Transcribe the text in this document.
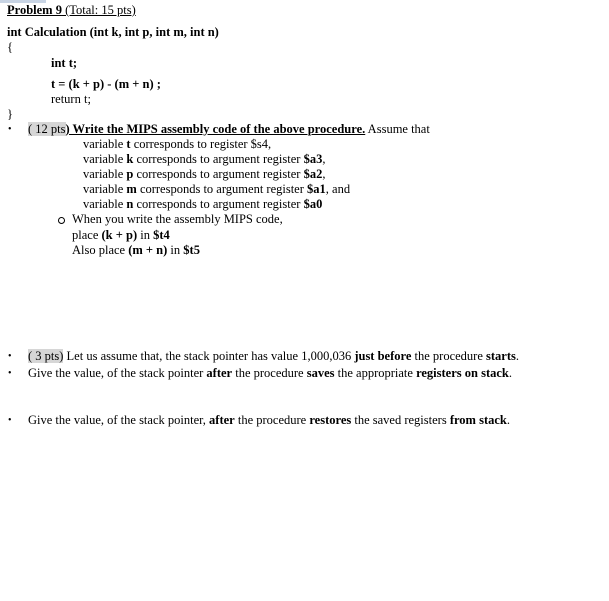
Problem 9 (Total: 15 pts)
int Calculation (int k, int p, int m, int n)
{
int t;
t = (k + p) - (m + n) ;
return t;
}
• ( 12 pts) Write the MIPS assembly code of the above procedure. Assume that
variable t corresponds to register $s4,
variable k corresponds to argument register $a3,
variable p corresponds to argument register $a2,
variable m corresponds to argument register $a1, and
variable n corresponds to argument register $a0
When you write the assembly MIPS code,
place (k + p) in $t4
Also place (m + n) in $t5
• ( 3 pts) Let us assume that, the stack pointer has value 1,000,036 just before the procedure starts.
• Give the value, of the stack pointer after the procedure saves the appropriate registers on stack.
• Give the value, of the stack pointer, after the procedure restores the saved registers from stack.
